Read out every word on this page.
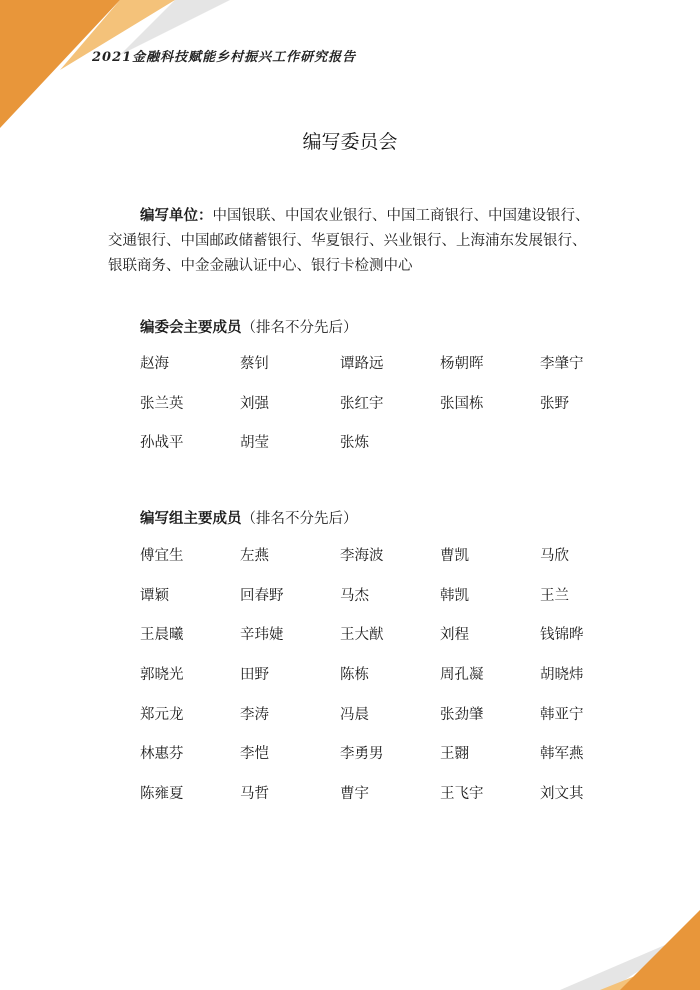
2021金融科技赋能乡村振兴工作研究报告
编写委员会
编写单位：中国银联、中国农业银行、中国工商银行、中国建设银行、交通银行、中国邮政储蓄银行、华夏银行、兴业银行、上海浦东发展银行、银联商务、中金金融认证中心、银行卡检测中心
编委会主要成员（排名不分先后）
赵海	蔡钊	谭路远	杨朝晖	李肇宁
张兰英	刘强	张红宇	张国栋	张野
孙战平	胡莹	张炼
编写组主要成员（排名不分先后）
傅宜生	左燕	李海波	曹凯	马欣
谭颖	回春野	马杰	韩凯	王兰
王晨曦	辛玮婕	王大猷	刘程	钱锦晔
郭晓光	田野	陈栋	周孔凝	胡晓炜
郑元龙	李涛	冯晨	张劲肇	韩亚宁
林惠芬	李恺	李勇男	王翾	韩军燕
陈雍夏	马哲	曹宇	王飞宇	刘文其
